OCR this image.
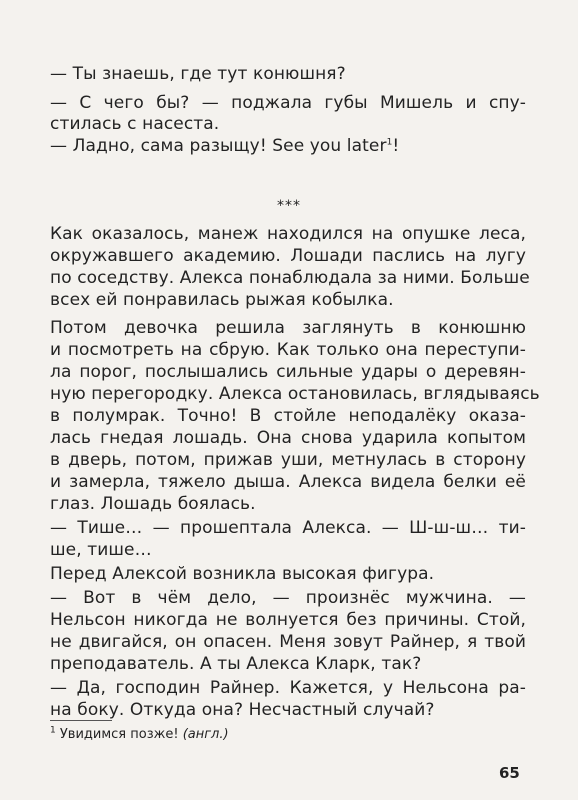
— Ты знаешь, где тут конюшня?
— С чего бы? — поджала губы Мишель и спу-
стилась с насеста.
— Ладно, сама разыщу! See you later$^1$!
***
Как оказалось, манеж находился на опушке леса,
окружавшего академию. Лошади паслись на лугу
по соседству. Алекса понаблюдала за ними. Больше
всех ей понравилась рыжая кобылка.
Потом девочка решила заглянуть в конюшню
и посмотреть на сбрую. Как только она переступи-
ла порог, послышались сильные удары о деревян-
ную перегородку. Алекса остановилась, вглядываясь
в полумрак. Точно! В стойле неподалёку оказа-
лась гнедая лошадь. Она снова ударила копытом
в дверь, потом, прижав уши, метнулась в сторону
и замерла, тяжело дыша. Алекса видела белки её
глаз. Лошадь боялась.
— Тише… — прошептала Алекса. — Ш-ш-ш… ти-
ше, тише…
Перед Алексой возникла высокая фигура.
— Вот в чём дело, — произнёс мужчина. —
Нельсон никогда не волнуется без причины. Стой,
не двигайся, он опасен. Меня зовут Райнер, я твой
преподаватель. А ты Алекса Кларк, так?
— Да, господин Райнер. Кажется, у Нельсона ра-
на боку. Откуда она? Несчастный случай?
$^1$ Увидимся позже! (англ.)
65
